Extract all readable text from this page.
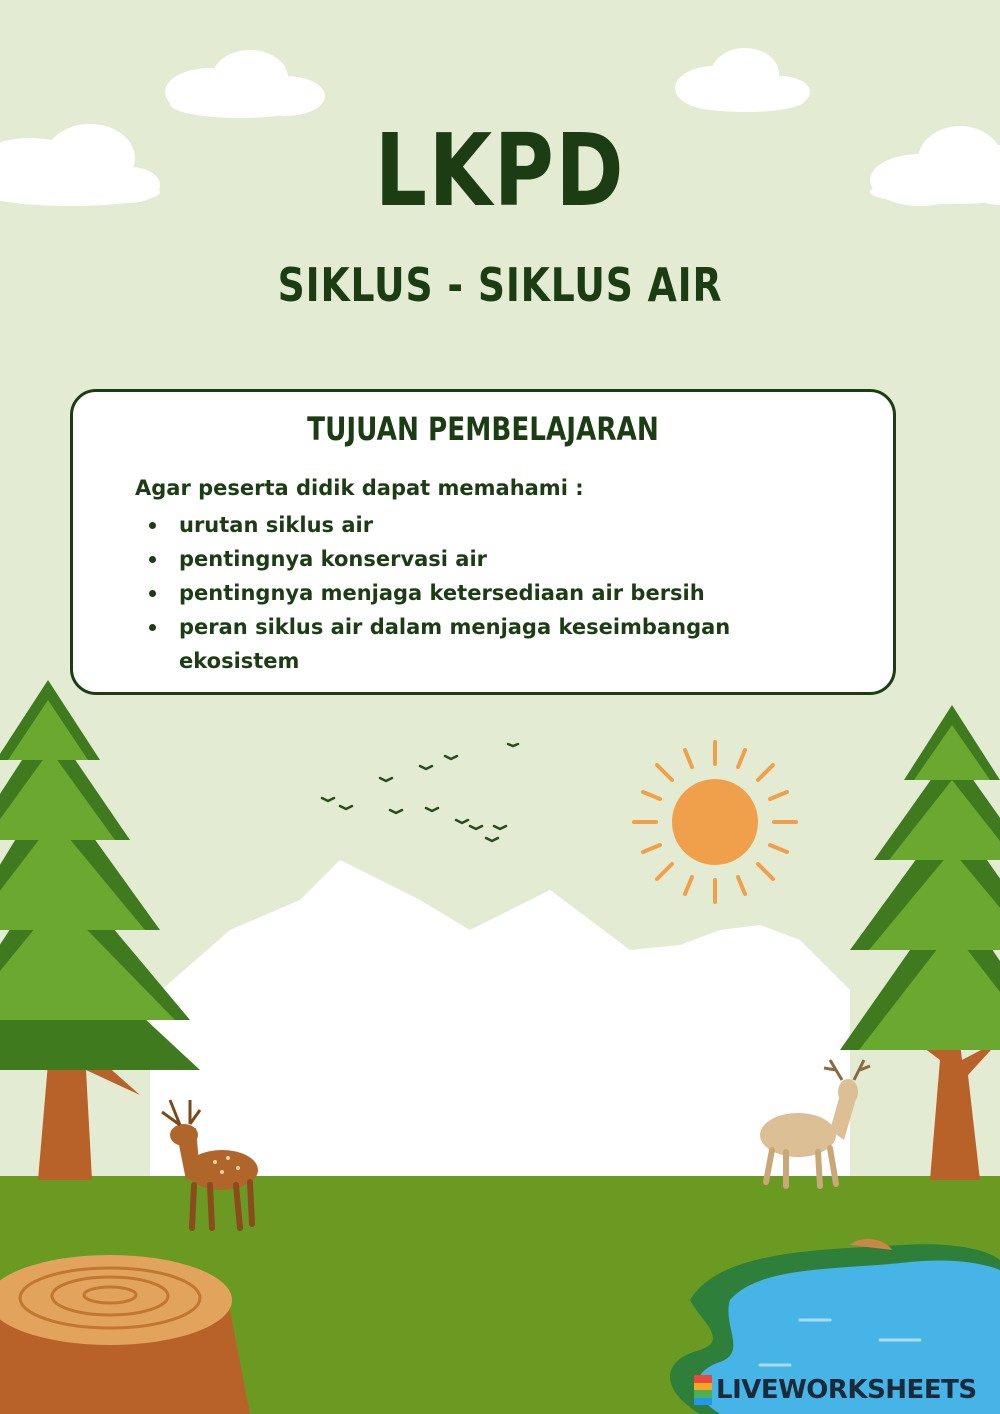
LKPD
SIKLUS - SIKLUS AIR
TUJUAN PEMBELAJARAN
Agar peserta didik dapat memahami :
urutan siklus air
pentingnya konservasi air
pentingnya menjaga ketersediaan air bersih
peran siklus air dalam menjaga keseimbangan ekosistem
LIVEWORKSHEETS
